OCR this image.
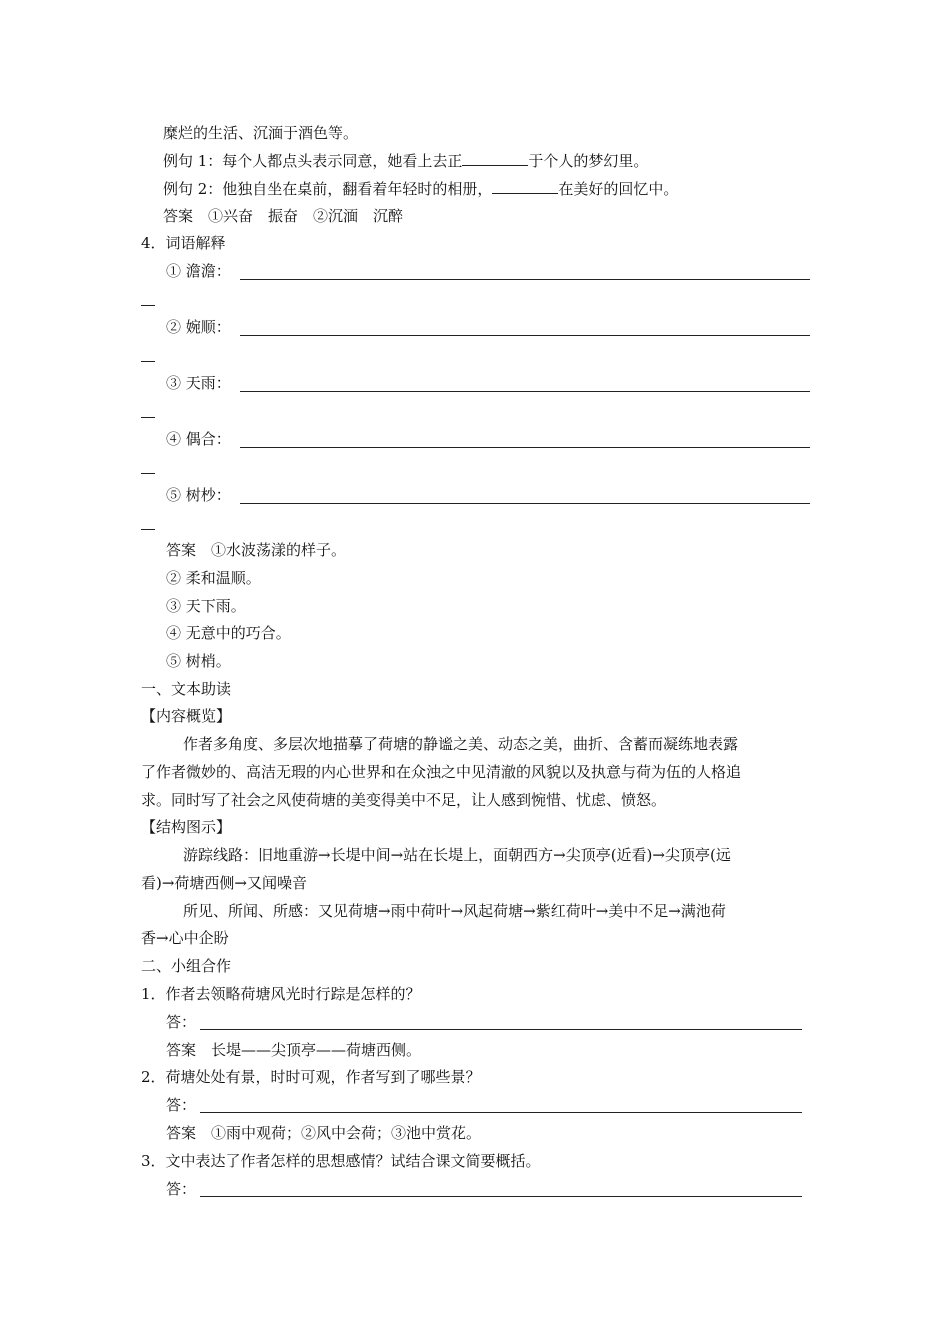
糜烂的生活、沉湎于酒色等。
例句 1：每个人都点头表示同意，她看上去正	于个人的梦幻里。
例句 2：他独自坐在桌前，翻看着年轻时的相册，	在美好的回忆中。
答案　①兴奋　振奋　②沉湎　沉醉
4．词语解释
① 澹澹：
② 婉顺：
③ 天雨：
④ 偶合：
⑤ 树杪：
答案　①水波荡漾的样子。
② 柔和温顺。
③ 天下雨。
④ 无意中的巧合。
⑤ 树梢。
一、文本助读
【内容概览】
作者多角度、多层次地描摹了荷塘的静谧之美、动态之美，曲折、含蓄而凝练地表露
了作者微妙的、高洁无瑕的内心世界和在众浊之中见清澈的风貌以及执意与荷为伍的人格追
求。同时写了社会之风使荷塘的美变得美中不足，让人感到惋惜、忧虑、愤怒。
【结构图示】
游踪线路：旧地重游→长堤中间→站在长堤上，面朝西方→尖顶亭(近看)→尖顶亭(远
看)→荷塘西侧→又闻噪音
所见、所闻、所感：又见荷塘→雨中荷叶→风起荷塘→紫红荷叶→美中不足→满池荷
香→心中企盼
二、小组合作
1．作者去领略荷塘风光时行踪是怎样的？
答：
答案　长堤——尖顶亭——荷塘西侧。
2．荷塘处处有景，时时可观，作者写到了哪些景？
答：
答案　①雨中观荷；②风中会荷；③池中赏花。
3．文中表达了作者怎样的思想感情？试结合课文简要概括。
答：
